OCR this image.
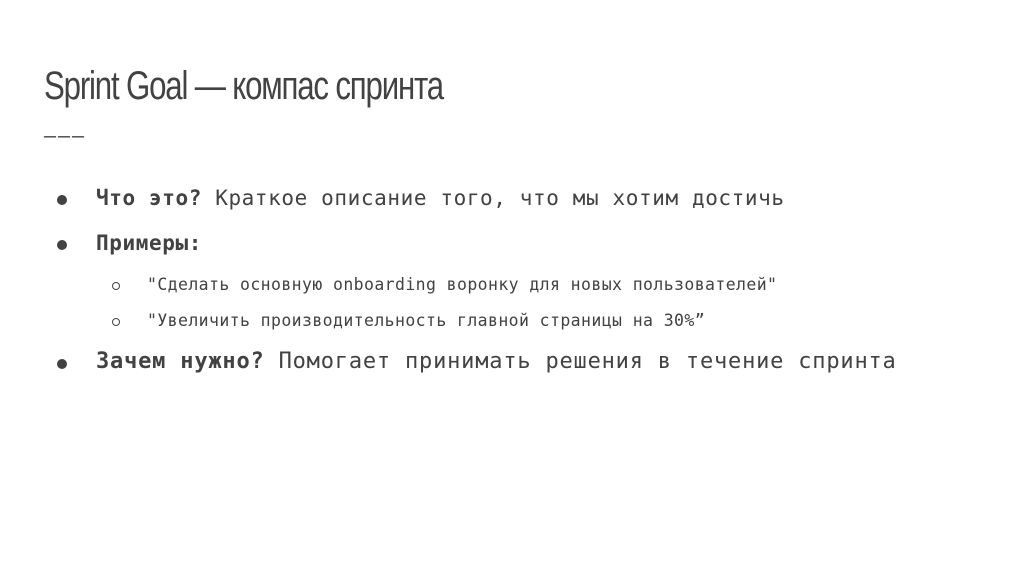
Sprint Goal — компас спринта
———
Что это? Краткое описание того, что мы хотим достичь
Примеры:
"Сделать основную onboarding воронку для новых пользователей"
"Увеличить производительность главной страницы на 30%”
Зачем нужно? Помогает принимать решения в течение спринта
